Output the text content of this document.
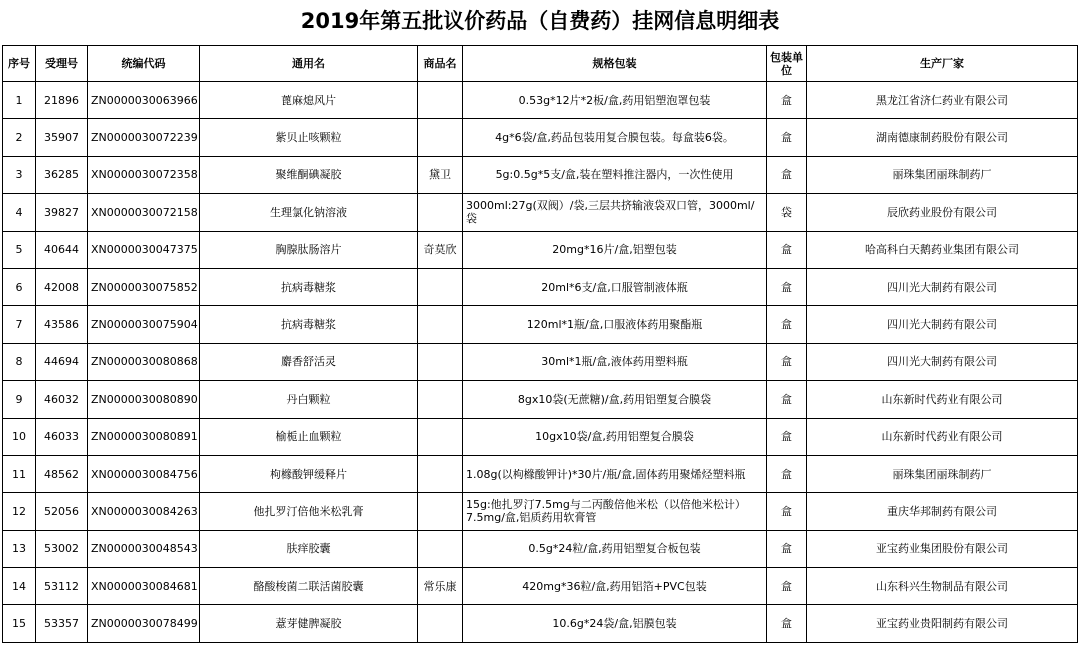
2019年第五批议价药品（自费药）挂网信息明细表
序号	受理号	统编代码	通用名	商品名	规格包装	包装单位	生产厂家
1	21896	ZN0000030063966	蓖麻熄风片		0.53g*12片*2板/盒,药用铝塑泡罩包装	盒	黑龙江省济仁药业有限公司
2	35907	ZN0000030072239	紫贝止咳颗粒		4g*6袋/盒,药品包装用复合膜包装。每盒装6袋。	盒	湖南德康制药股份有限公司
3	36285	XN0000030072358	聚维酮碘凝胶	黛卫	5g:0.5g*5支/盒,装在塑料推注器内，一次性使用	盒	丽珠集团丽珠制药厂
4	39827	XN0000030072158	生理氯化钠溶液		3000ml:27g(双阀）/袋,三层共挤输液袋双口管，3000ml/袋	袋	辰欣药业股份有限公司
5	40644	XN0000030047375	胸腺肽肠溶片	奇莫欣	20mg*16片/盒,铝塑包装	盒	哈高科白天鹅药业集团有限公司
6	42008	ZN0000030075852	抗病毒糖浆		20ml*6支/盒,口服管制液体瓶	盒	四川光大制药有限公司
7	43586	ZN0000030075904	抗病毒糖浆		120ml*1瓶/盒,口服液体药用聚酯瓶	盒	四川光大制药有限公司
8	44694	ZN0000030080868	麝香舒活灵		30ml*1瓶/盒,液体药用塑料瓶	盒	四川光大制药有限公司
9	46032	ZN0000030080890	丹白颗粒		8gx10袋(无蔗糖)/盒,药用铝塑复合膜袋	盒	山东新时代药业有限公司
10	46033	ZN0000030080891	榆栀止血颗粒		10gx10袋/盒,药用铝塑复合膜袋	盒	山东新时代药业有限公司
11	48562	XN0000030084756	枸橼酸钾缓释片		1.08g(以枸橼酸钾计)*30片/瓶/盒,固体药用聚烯烃塑料瓶	盒	丽珠集团丽珠制药厂
12	52056	XN0000030084263	他扎罗汀倍他米松乳膏		15g:他扎罗汀7.5mg与二丙酸倍他米松（以倍他米松计）7.5mg/盒,铝质药用软膏管	盒	重庆华邦制药有限公司
13	53002	ZN0000030048543	肤痒胶囊		0.5g*24粒/盒,药用铝塑复合板包装	盒	亚宝药业集团股份有限公司
14	53112	XN0000030084681	酪酸梭菌二联活菌胶囊	常乐康	420mg*36粒/盒,药用铝箔+PVC包装	盒	山东科兴生物制品有限公司
15	53357	ZN0000030078499	薏芽健脾凝胶		10.6g*24袋/盒,铝膜包装	盒	亚宝药业贵阳制药有限公司
